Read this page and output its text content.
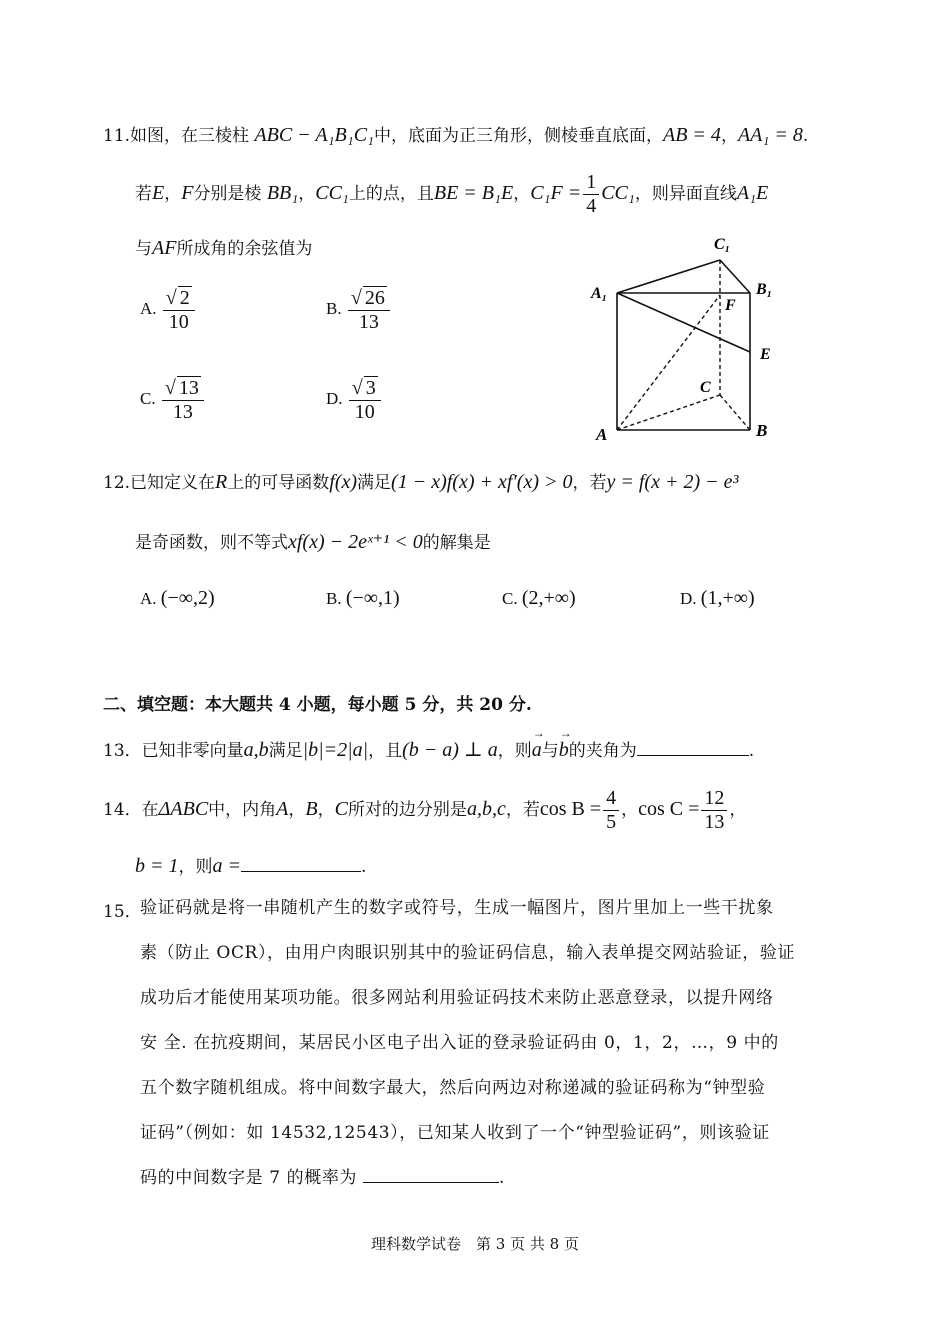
11.如图，在三棱柱 ABC − A₁B₁C₁中，底面为正三角形，侧棱垂直底面，AB = 4，AA₁ = 8.
若E，F分别是棱 BB₁，CC₁上的点，且BE = B₁E，$C_1F = \frac{1}{4} CC_1$，则异面直线A₁E
与AF所成角的余弦值为
A. $\frac{√ 2}{10}$	B. $\frac{√ 26}{13}$
C. $\frac{√ 13}{13}$	D. $\frac{√ 3}{10}$
C₁
A₁	B₁
F
E
C
A	B
12.已知定义在R上的可导函数f(x)满足(1 − x)f(x) + xf′(x) > 0，若y = f(x + 2) − e³
是奇函数，则不等式xf(x) − 2eˣ⁺¹ < 0的解集是
A. (−∞,2)	B. (−∞,1)	C. (2,+∞)	D. (1,+∞)
二、填空题：本大题共 4 小题，每小题 5 分，共 20 分.
13．已知非零向量a,b满足|b|=2|a|，且(b − a) ⊥ a，则→ a与→ b的夹角为	.
14．在ΔABC中，内角A，B，C所对的边分别是a,b,c，若$\cos B = \frac{4}{5}$ ，$\cos C = \frac{12}{13}$ ，
b = 1，则a =	.
15．
验证码就是将一串随机产生的数字或符号，生成一幅图片，图片里加上一些干扰象
素（防止 OCR），由用户肉眼识别其中的验证码信息，输入表单提交网站验证，验证
成功后才能使用某项功能。很多网站利用验证码技术来防止恶意登录，以提升网络
安 全. 在抗疫期间，某居民小区电子出入证的登录验证码由 0，1，2，…，9 中的
五个数字随机组成。将中间数字最大，然后向两边对称递减的验证码称为“钟型验
证码”（例如：如 14532,12543），已知某人收到了一个“钟型验证码”，则该验证
码的中间数字是 7 的概率为	.
理科数学试卷　第 3 页 共 8 页
